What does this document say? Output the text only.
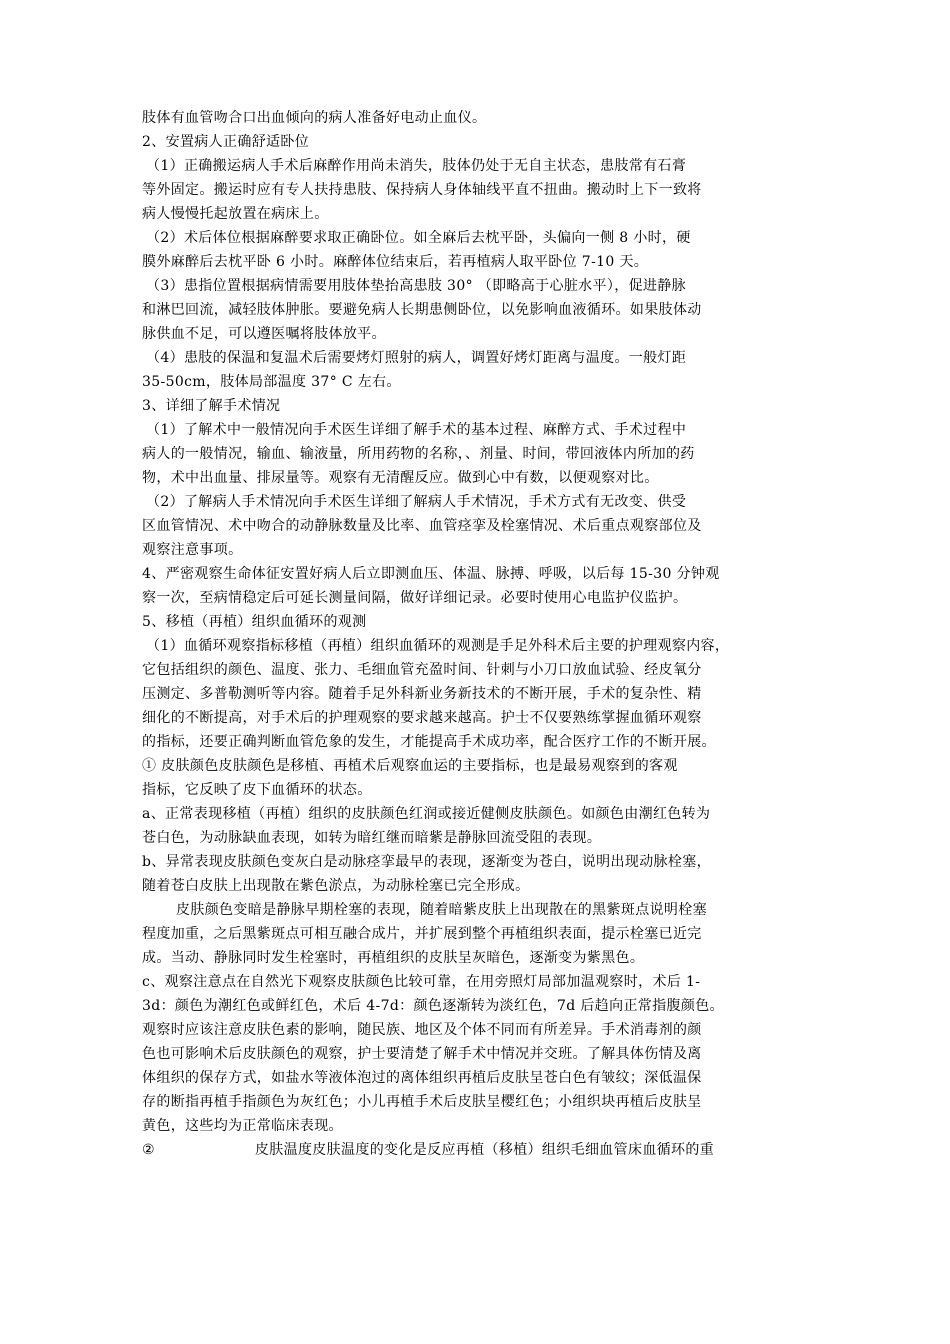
肢体有血管吻合口出血倾向的病人准备好电动止血仪。
2、安置病人正确舒适卧位
（1）正确搬运病人手术后麻醉作用尚未消失，肢体仍处于无自主状态，患肢常有石膏
等外固定。搬运时应有专人扶持患肢、保持病人身体轴线平直不扭曲。搬动时上下一致将
病人慢慢托起放置在病床上。
（2）术后体位根据麻醉要求取正确卧位。如全麻后去枕平卧，头偏向一侧 8 小时，硬
膜外麻醉后去枕平卧 6 小时。麻醉体位结束后，若再植病人取平卧位 7-10 天。
（3）患指位置根据病情需要用肢体垫抬高患肢 30° （即略高于心脏水平），促进静脉
和淋巴回流，减轻肢体肿胀。要避免病人长期患侧卧位，以免影响血液循环。如果肢体动
脉供血不足，可以遵医嘱将肢体放平。
（4）患肢的保温和复温术后需要烤灯照射的病人，调置好烤灯距离与温度。一般灯距
35-50cm，肢体局部温度 37° C 左右。
3、详细了解手术情况
（1）了解术中一般情况向手术医生详细了解手术的基本过程、麻醉方式、手术过程中
病人的一般情况，输血、输液量，所用药物的名称，、剂量、时间，带回液体内所加的药
物，术中出血量、排尿量等。观察有无清醒反应。做到心中有数，以便观察对比。
（2）了解病人手术情况向手术医生详细了解病人手术情况，手术方式有无改变、供受
区血管情况、术中吻合的动静脉数量及比率、血管痉挛及栓塞情况、术后重点观察部位及
观察注意事项。
4、严密观察生命体征安置好病人后立即测血压、体温、脉搏、呼吸，以后每 15-30 分钟观
察一次，至病情稳定后可延长测量间隔，做好详细记录。必要时使用心电监护仪监护。
5、移植（再植）组织血循环的观测
（1）血循环观察指标移植（再植）组织血循环的观测是手足外科术后主要的护理观察内容，
它包括组织的颜色、温度、张力、毛细血管充盈时间、针刺与小刀口放血试验、经皮氧分
压测定、多普勒测听等内容。随着手足外科新业务新技术的不断开展，手术的复杂性、精
细化的不断提高，对手术后的护理观察的要求越来越高。护士不仅要熟练掌握血循环观察
的指标，还要正确判断血管危象的发生，才能提高手术成功率，配合医疗工作的不断开展。
① 皮肤颜色皮肤颜色是移植、再植术后观察血运的主要指标，也是最易观察到的客观
指标，它反映了皮下血循环的状态。
a、正常表现移植（再植）组织的皮肤颜色红润或接近健侧皮肤颜色。如颜色由潮红色转为
苍白色，为动脉缺血表现，如转为暗红继而暗紫是静脉回流受阻的表现。
b、异常表现皮肤颜色变灰白是动脉痉挛最早的表现，逐渐变为苍白，说明出现动脉栓塞，
随着苍白皮肤上出现散在紫色淤点，为动脉栓塞已完全形成。
皮肤颜色变暗是静脉早期栓塞的表现，随着暗紫皮肤上出现散在的黑紫斑点说明栓塞
程度加重，之后黑紫斑点可相互融合成片，并扩展到整个再植组织表面，提示栓塞已近完
成。当动、静脉同时发生栓塞时，再植组织的皮肤呈灰暗色，逐渐变为紫黑色。
c、观察注意点在自然光下观察皮肤颜色比较可靠，在用旁照灯局部加温观察时，术后 1-
3d：颜色为潮红色或鲜红色，术后 4-7d：颜色逐渐转为淡红色，7d 后趋向正常指腹颜色。
观察时应该注意皮肤色素的影响，随民族、地区及个体不同而有所差异。手术消毒剂的颜
色也可影响术后皮肤颜色的观察，护士要清楚了解手术中情况并交班。了解具体伤情及离
体组织的保存方式，如盐水等液体泡过的离体组织再植后皮肤呈苍白色有皱纹；深低温保
存的断指再植手指颜色为灰红色；小儿再植手术后皮肤呈樱红色；小组织块再植后皮肤呈
黄色，这些均为正常临床表现。
②	皮肤温度皮肤温度的变化是反应再植（移植）组织毛细血管床血循环的重
